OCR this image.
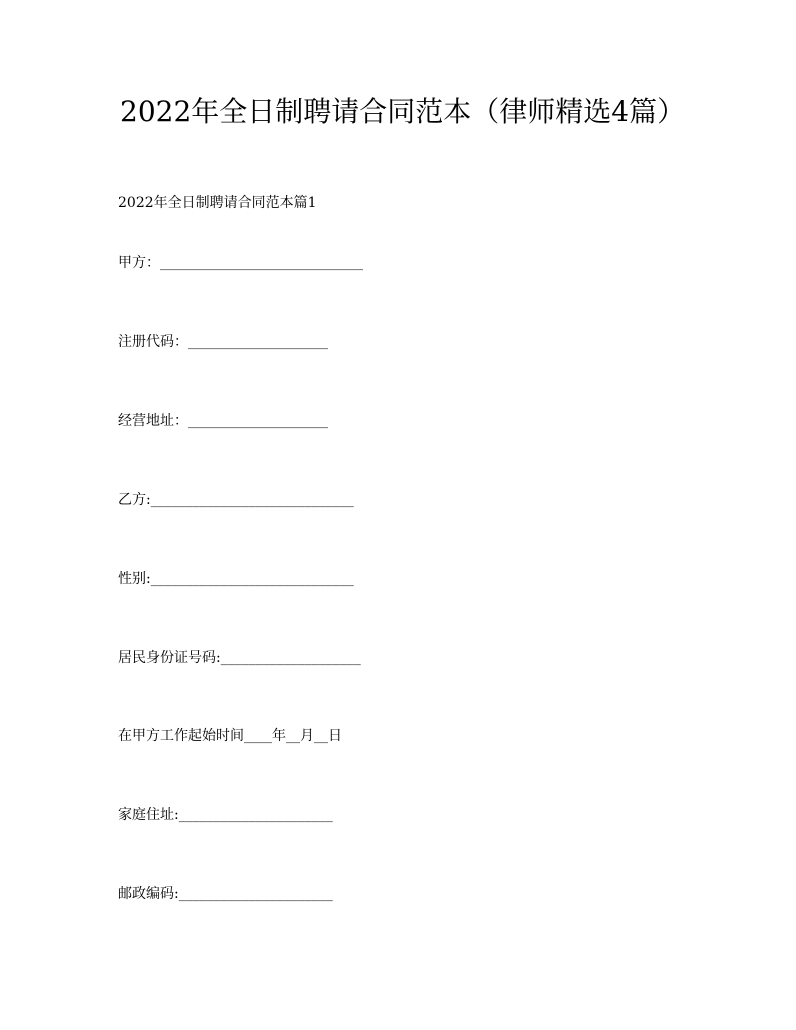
2022年全日制聘请合同范本（律师精选4篇）

2022年全日制聘请合同范本篇1

甲方：_____________________________
注册代码：____________________
经营地址：____________________
乙方:_____________________________
性别:_____________________________
居民身份证号码:____________________
在甲方工作起始时间____年__月__日
家庭住址:______________________
邮政编码:______________________
